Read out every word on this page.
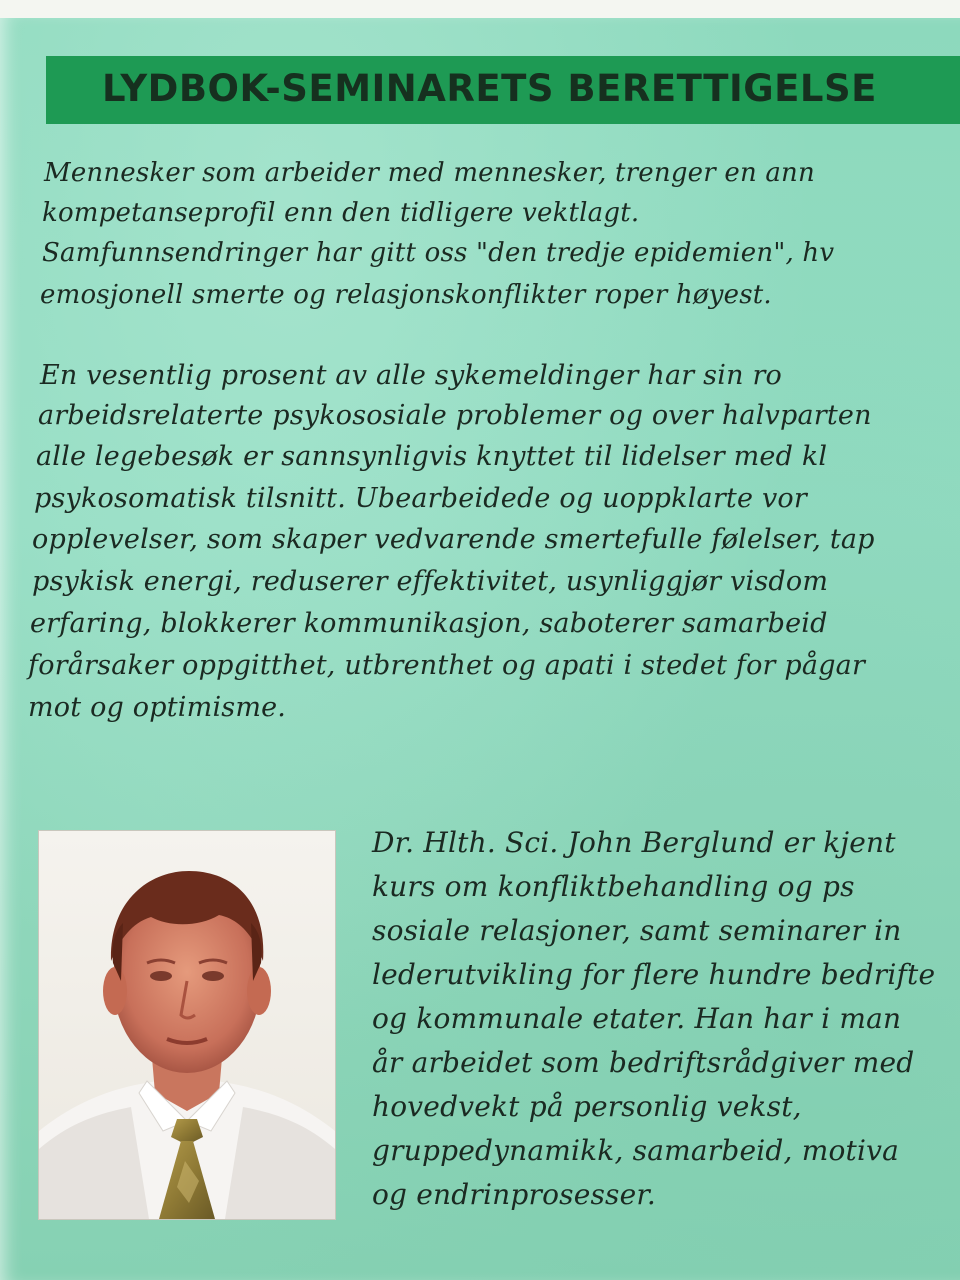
LYDBOK-SEMINARETS BERETTIGELSE
Mennesker som arbeider med mennesker, trenger en ann
kompetanseprofil enn den tidligere vektlagt.
Samfunnsendringer har gitt oss "den tredje epidemien", hv
emosjonell smerte og relasjonskonflikter roper høyest.
En vesentlig prosent av alle sykemeldinger har sin ro
arbeidsrelaterte psykososiale problemer og over halvparten
alle legebesøk er sannsynligvis knyttet til lidelser med kl
psykosomatisk tilsnitt. Ubearbeidede og uoppklarte vor
opplevelser, som skaper vedvarende smertefulle følelser, tap
psykisk energi, reduserer effektivitet, usynliggjør visdom
erfaring, blokkerer kommunikasjon, saboterer samarbeid
forårsaker oppgitthet, utbrenthet og apati i stedet for pågar
mot og optimisme.
Dr. Hlth. Sci. John Berglund er kjent
kurs om konfliktbehandling og ps
sosiale relasjoner, samt seminarer in
lederutvikling for flere hundre bedrifte
og kommunale etater. Han har i man
år arbeidet som bedriftsrådgiver med
hovedvekt på personlig vekst,
gruppedynamikk, samarbeid, motiva
og endrinprosesser.
